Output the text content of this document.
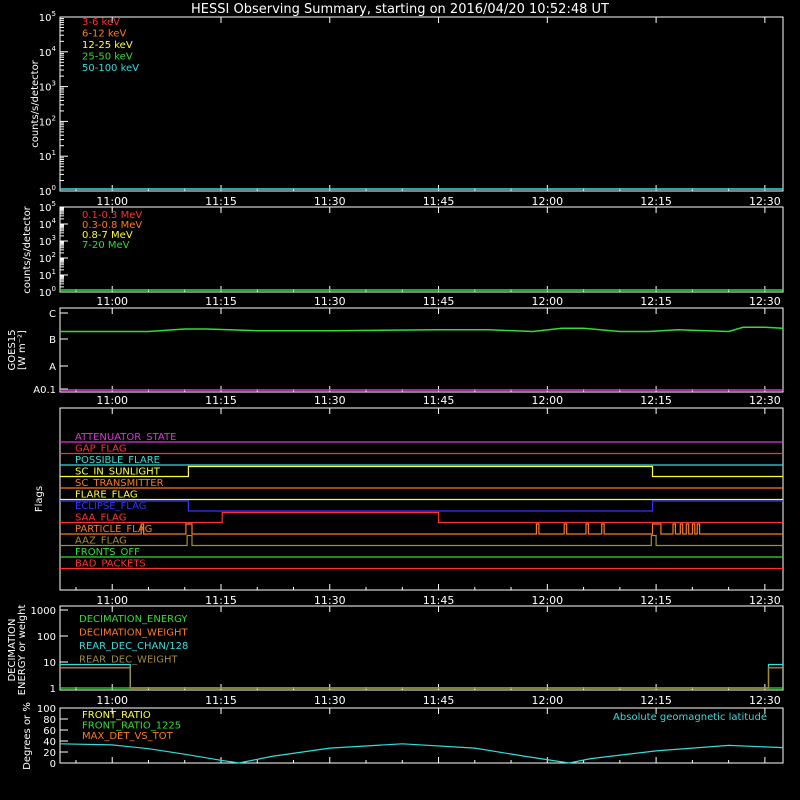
HESSI Observing Summary, starting on 2016/04/20 10:52:48 UT
11:00	11:15	11:30	11:45	12:00	12:15	12:30
$10^5$
$10^4$
$10^3$
$10^2$
$10^1$
$10^0$
counts/s/detector
3-6 keV
6-12 keV
12-25 keV
25-50 keV
50-100 keV
11:00	11:15	11:30	11:45	12:00	12:15	12:30
$10^5$
$10^4$
$10^3$
$10^2$
$10^1$
$10^0$
counts/s/detector	0.1-0.3 MeV
0.3-0.8 MeV
0.8-7 MeV
7-20 MeV
11:00	11:15	11:30	11:45	12:00	12:15	12:30
C
B
A
A0.1
GOES15 [W m⁻²]
11:00	11:15	11:30	11:45	12:00	12:15	12:30
Flags
ATTENUATOR_STATE
GAP_FLAG
POSSIBLE_FLARE
SC_IN_SUNLIGHT
SC_TRANSMITTER
FLARE_FLAG
ECLIPSE_FLAG
SAA_FLAG
PARTICLE_FLAG
AAZ_FLAG
FRONTS_OFF
BAD_PACKETS
11:00	11:15	11:30	11:45	12:00	12:15	12:30
1000
100
10
1
DECIMATION ENERGY or weight	DECIMATION_ENERGY
DECIMATION_WEIGHT
REAR_DEC_CHAN/128
REAR_DEC_WEIGHT
100
80
60
40
20
0
Degrees or %	FRONT_RATIO
FRONT_RATIO_1225
MAX_DET_VS_TOT
Absolute geomagnetic latitude
